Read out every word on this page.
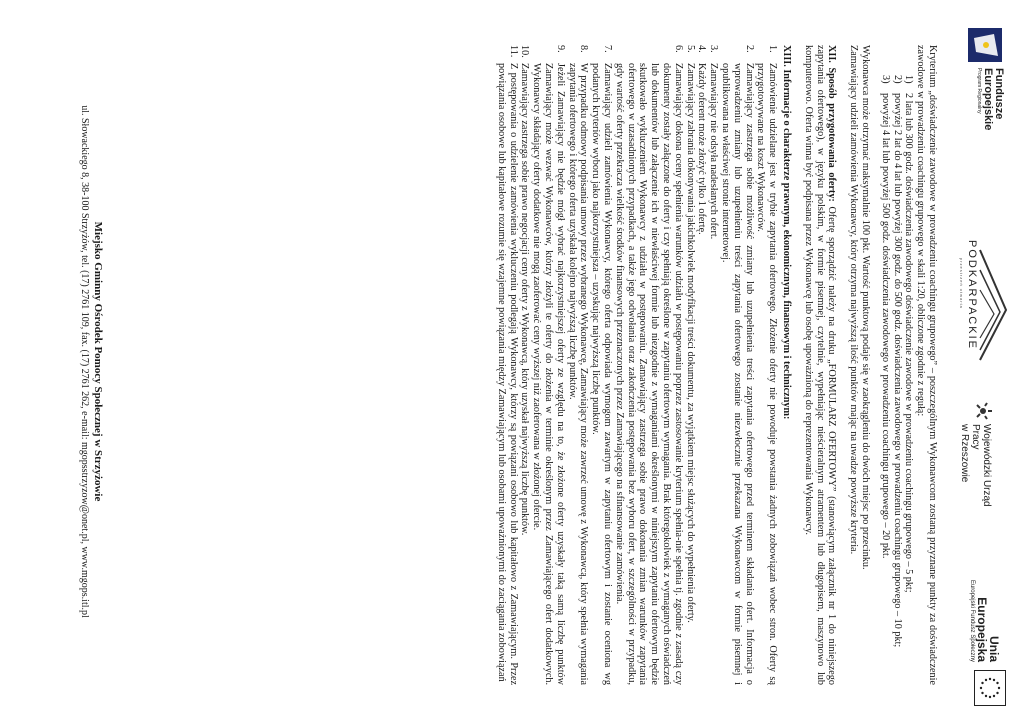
Fundusze
Europejskie
Program Regionalny
PODKARPACKIE
przestrzeń otwarta
Wojewódzki Urząd Pracy
w Rzeszowie
Unia Europejska
Europejski Fundusz Społeczny

Kryterium „doświadczenie zawodowe w prowadzeniu coachingu grupowego” – poszczególnym Wykonawcom zostaną przyznane punkty za doświadczenie zawodowe w prowadzeniu coachingu grupowego w skali 1:20, obliczone zgodnie z regułą:

1)
2 lata lub 300 godz. doświadczenia zawodowego doświadczenie zawodowe w prowadzeniu coachingu grupowego – 5 pkt;
2)
powyżej 2 lat do 4 lat lub powyżej 300 godz. do 500 godz. doświadczenia zawodowego w prowadzeniu coachingu grupowego – 10 pkt;
3)
powyżej 4 lat lub powyżej 500 godz. doświadczenia zawodowego w prowadzeniu coachingu grupowego – 20 pkt.

Wykonawca może otrzymać maksymalnie 100 pkt. Wartość punktową podaje się w zaokrągleniu do dwóch miejsc po przecinku.

Zamawiający udzieli zamówienia Wykonawcy, który otrzyma najwyższą ilość punktów mając na uwadze powyższe kryteria.

XII. Sposób przygotowania oferty: Ofertę sporządzić należy na druku „FORMULARZ OFERTOWY” (stanowiącym załącznik nr 1 do niniejszego zapytania ofertowego), w języku polskim, w formie pisemnej, czytelnie, wypełniając nieścieralnym atramentem lub długopisem, maszynowo lub komputerowo. Oferta winna być podpisana przez Wykonawcę lub osobę upoważnioną do reprezentowania Wykonawcy.
XIII. Informacje o charakterze prawnym, ekonomicznym, finansowym i technicznym:
1.
Zamówienie udzielane jest w trybie zapytania ofertowego. Złożenie oferty nie powoduje powstania żadnych zobowiązań wobec stron. Oferty są przygotowywane na koszt Wykonawców.
2.
Zamawiający zastrzega sobie możliwość zmiany lub uzupełnienia treści zapytania ofertowego przed terminem składania ofert. Informacja o wprowadzeniu zmiany lub uzupełnieniu treści zapytania ofertowego zostanie niezwłocznie przekazana Wykonawcom w formie pisemnej i opublikowana na właściwej stronie internetowej.
3.
Zamawiający nie odsyła nadesłanych ofert.
4.
Każdy oferent może złożyć tylko 1 ofertę.
5.
Zamawiający zabrania dokonywania jakichkolwiek modyfikacji treści dokumentu, za wyjątkiem miejsc służących do wypełnienia oferty.
6.
Zamawiający dokona oceny spełnienia warunków udziału w postępowaniu poprzez zastosowanie kryterium spełnia-nie spełnia tj. zgodnie z zasadą czy dokumenty zostały załączone do oferty i czy spełniają określone w zapytaniu ofertowym wymagania. Brak któregokolwiek z wymaganych oświadczeń lub dokumentów lub załączenie ich w niewłaściwej formie lub niezgodnie z wymaganiami określonymi w niniejszym zapytaniu ofertowym będzie skutkowało wykluczeniem Wykonawcy z udziału w postępowaniu. Zamawiający zastrzega sobie prawo dokonania zmian warunków zapytania ofertowego w uzasadnionych przypadkach, a także jego odwołania oraz zakończenia postępowania bez wyboru ofert, w szczególności w przypadku, gdy wartość oferty przekracza wielkość środków finansowych przeznaczonych przez Zamawiającego na sfinansowanie zamówienia.
7.
Zamawiający udzieli zamówienia Wykonawcy, którego oferta odpowiada wymogom zawartym w zapytaniu ofertowym i zostanie oceniona wg podanych kryteriów wyboru jako najkorzystniejsza – uzyskując najwyższą liczbę punktów.
8.
W przypadku odmowy podpisania umowy przez wybranego Wykonawcę, Zamawiający może zawrzeć umowę z Wykonawcą, który spełnia wymagania zapytania ofertowego i którego oferta uzyskała kolejno najwyższą liczbę punktów.
9.
Jeżeli Zamawiający nie będzie mógł wybrać najkorzystniejszej oferty ze względu na to, że złożone oferty uzyskały taką samą liczbę punktów Zamawiający może wezwać Wykonawców, którzy złożyli te oferty do złożenia w terminie określonym przez Zamawiającego ofert dodatkowych. Wykonawcy składający oferty dodatkowe nie mogą zaoferować ceny wyższej niż zaoferowana w złożonej ofercie.
10.
Zamawiający zastrzega sobie prawo negocjacji ceny oferty z Wykonawcą, który uzyskał najwyższą liczbę punktów.
11.
Z postępowania o udzielenie zamówienia wykluczeniu podlegają Wykonawcy, którzy są powiązani osobowo lub kapitałowo z Zamawiającym. Przez powiązania osobowe lub kapitałowe rozumie się wzajemne powiązania między Zamawiającym lub osobami upoważnionymi do zaciągania zobowiązań
Miejsko Gminny Ośrodek Pomocy Społecznej w Strzyżowie
ul. Słowackiego 8, 38-100 Strzyżów, tel. (17) 2761 109, fax. (17) 2761 262, e-mail: mgopsstrzyzow@onet.pl, www.mgops.itl.pl
